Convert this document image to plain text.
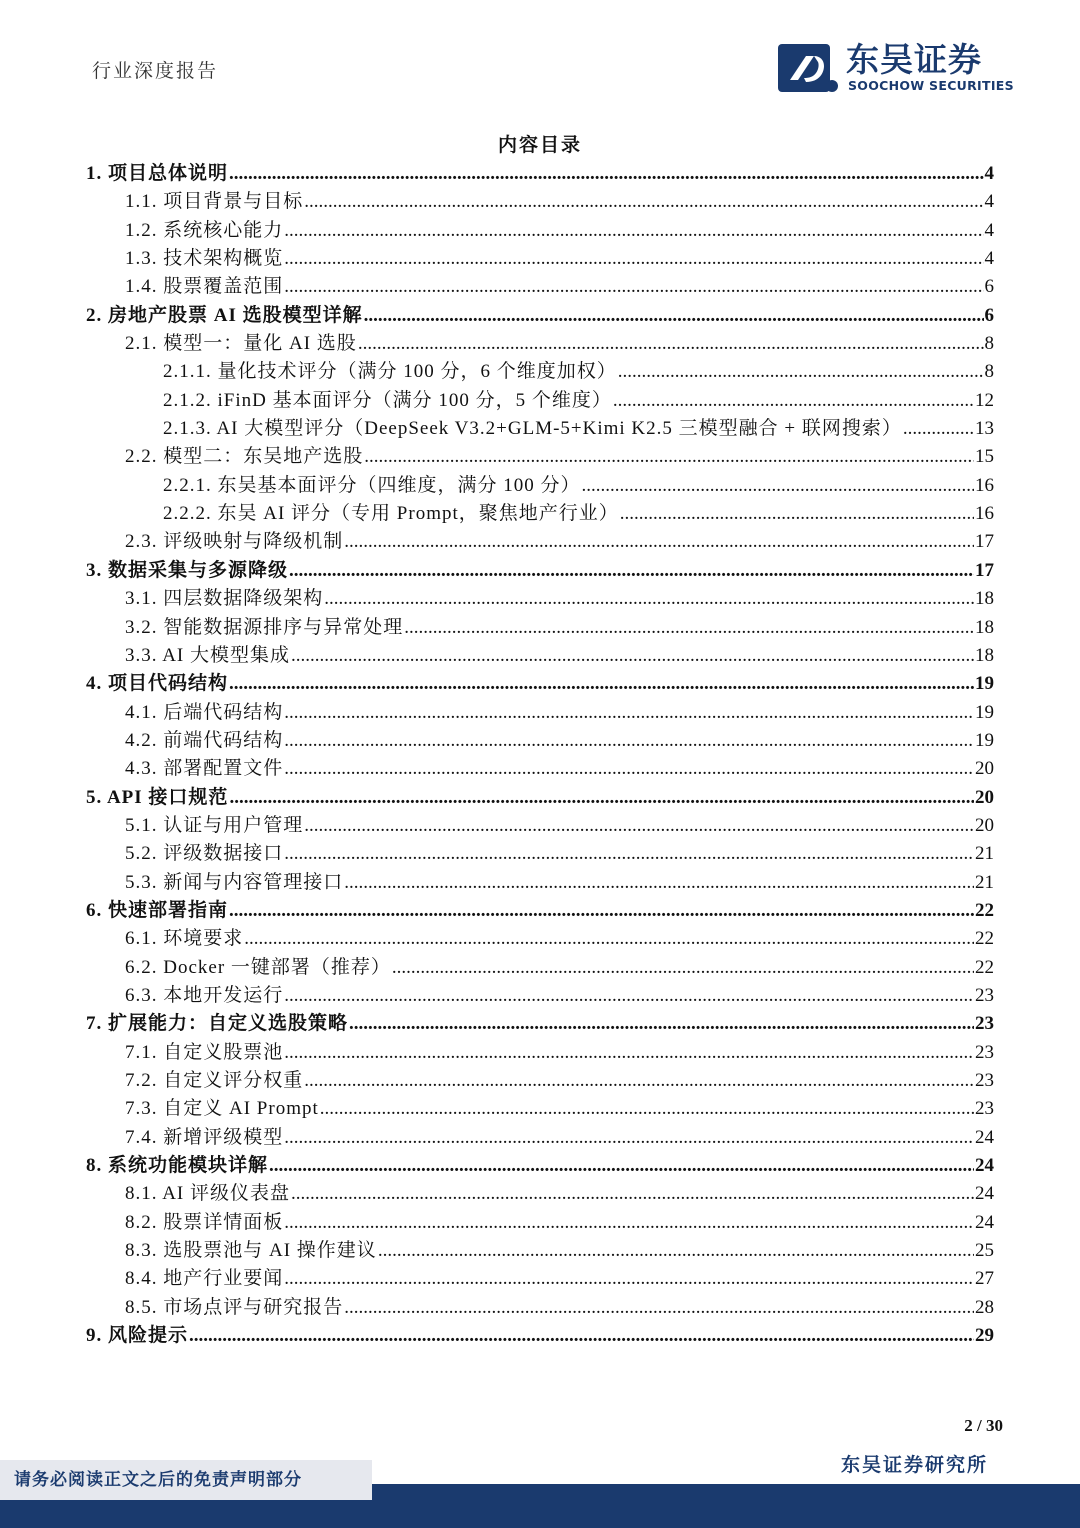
行业深度报告	东吴证券
SOOCHOW SECURITIES
内容目录
1. 项目总体说明 .....	4
1.1. 项目背景与目标 .....	4
1.2. 系统核心能力 .....	4
1.3. 技术架构概览 .....	4
1.4. 股票覆盖范围 .....	6
2. 房地产股票 AI 选股模型详解 .....	6
2.1. 模型一：量化 AI 选股 .....	8
2.1.1. 量化技术评分（满分 100 分，6 个维度加权） .....	8
2.1.2. iFinD 基本面评分（满分 100 分，5 个维度） .....	12
2.1.3. AI 大模型评分（DeepSeek V3.2+GLM-5+Kimi K2.5 三模型融合 + 联网搜索） .....	13
2.2. 模型二：东吴地产选股 .....	15
2.2.1. 东吴基本面评分（四维度，满分 100 分） .....	16
2.2.2. 东吴 AI 评分（专用 Prompt，聚焦地产行业） .....	16
2.3. 评级映射与降级机制 .....	17
3. 数据采集与多源降级 .....	17
3.1. 四层数据降级架构 .....	18
3.2. 智能数据源排序与异常处理 .....	18
3.3. AI 大模型集成 .....	18
4. 项目代码结构 .....	19
4.1. 后端代码结构 .....	19
4.2. 前端代码结构 .....	19
4.3. 部署配置文件 .....	20
5. API 接口规范 .....	20
5.1. 认证与用户管理 .....	20
5.2. 评级数据接口 .....	21
5.3. 新闻与内容管理接口 .....	21
6. 快速部署指南 .....	22
6.1. 环境要求 .....	22
6.2. Docker 一键部署（推荐） .....	22
6.3. 本地开发运行 .....	23
7. 扩展能力：自定义选股策略 .....	23
7.1. 自定义股票池 .....	23
7.2. 自定义评分权重 .....	23
7.3. 自定义 AI Prompt .....	23
7.4. 新增评级模型 .....	24
8. 系统功能模块详解 .....	24
8.1. AI 评级仪表盘 .....	24
8.2. 股票详情面板 .....	24
8.3. 选股票池与 AI 操作建议 .....	25
8.4. 地产行业要闻 .....	27
8.5. 市场点评与研究报告 .....	28
9. 风险提示 .....	29
2 / 30
东吴证券研究所
请务必阅读正文之后的免责声明部分
